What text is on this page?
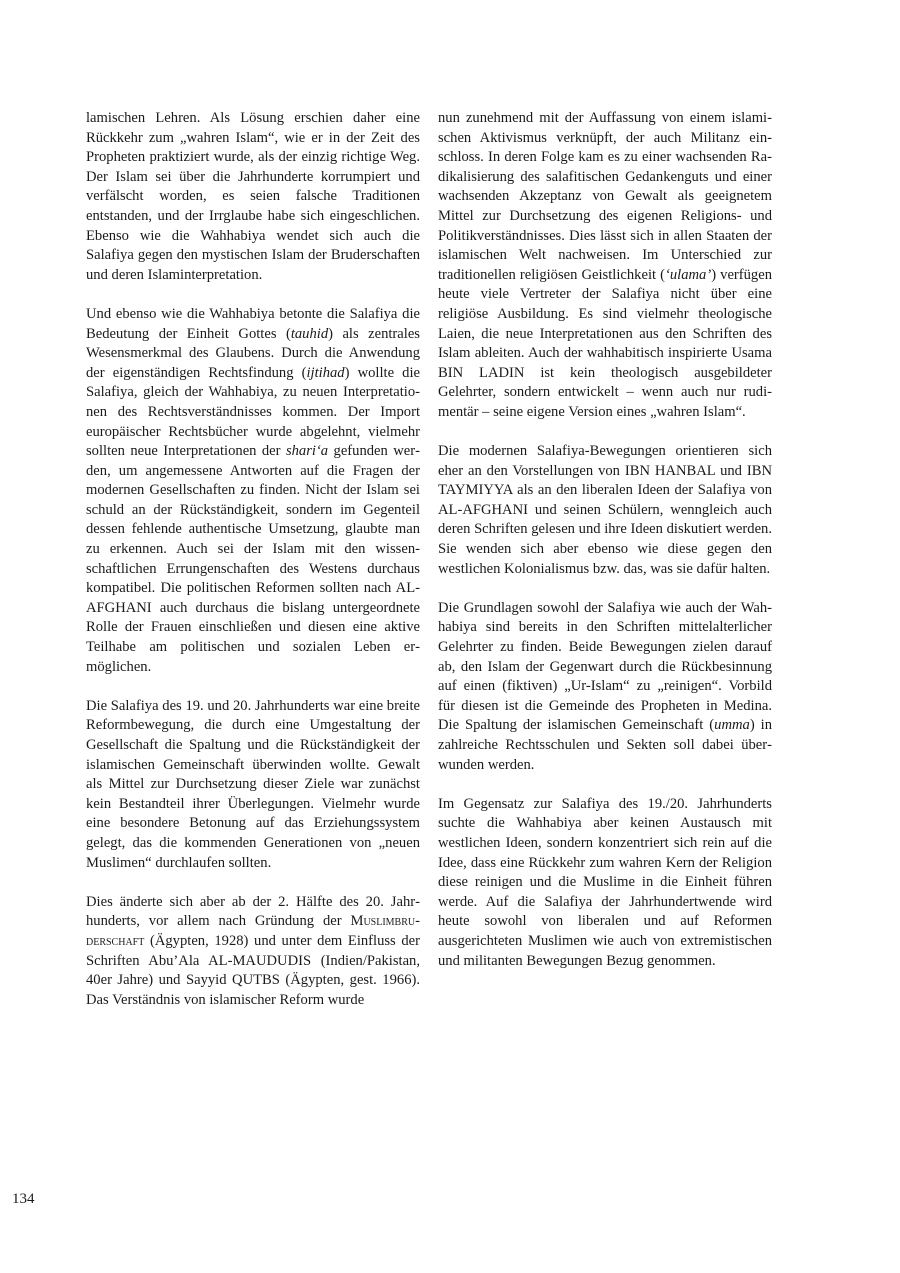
lamischen Lehren. Als Lösung erschien daher eine Rückkehr zum „wahren Islam“, wie er in der Zeit des Propheten praktiziert wurde, als der einzig richtige Weg. Der Islam sei über die Jahrhunderte korrumpiert und verfälscht worden, es seien falsche Traditionen entstanden, und der Irrglaube habe sich eingeschlichen. Ebenso wie die Wahhabiya wendet sich auch die Salafiya gegen den mystischen Islam der Bruderschaften und deren Islaminterpretation.

Und ebenso wie die Wahhabiya betonte die Salafiya die Bedeutung der Einheit Gottes (tauhid) als zentrales Wesensmerkmal des Glaubens. Durch die Anwendung der eigenständigen Rechtsfindung (ijtihad) wollte die Salafiya, gleich der Wahhabiya, zu neuen Interpretationen des Rechtsverständnisses kommen. Der Import europäischer Rechtsbücher wurde abgelehnt, vielmehr sollten neue Interpretationen der shari‘a gefunden werden, um angemessene Antworten auf die Fragen der modernen Gesellschaften zu finden. Nicht der Islam sei schuld an der Rückständigkeit, sondern im Gegenteil dessen fehlende authentische Umsetzung, glaubte man zu erkennen. Auch sei der Islam mit den wissenschaftlichen Errungenschaften des Westens durchaus kompatibel. Die politischen Reformen sollten nach AL-AFGHANI auch durchaus die bislang untergeordnete Rolle der Frauen einschließen und diesen eine aktive Teilhabe am politischen und sozialen Leben ermöglichen.

Die Salafiya des 19. und 20. Jahrhunderts war eine breite Reformbewegung, die durch eine Umgestaltung der Gesellschaft die Spaltung und die Rückständigkeit der islamischen Gemeinschaft überwinden wollte. Gewalt als Mittel zur Durchsetzung dieser Ziele war zunächst kein Bestandteil ihrer Überlegungen. Vielmehr wurde eine besondere Betonung auf das Erziehungssystem gelegt, das die kommenden Generationen von „neuen Muslimen“ durchlaufen sollten.

Dies änderte sich aber ab der 2. Hälfte des 20. Jahrhunderts, vor allem nach Gründung der Muslimbruderschaft (Ägypten, 1928) und unter dem Einfluss der Schriften Abu’Ala AL-MAUDUDIS (Indien/Pakistan, 40er Jahre) und Sayyid QUTBS (Ägypten, gest. 1966). Das Verständnis von islamischer Reform wurde

nun zunehmend mit der Auffassung von einem islamischen Aktivismus verknüpft, der auch Militanz einschloss. In deren Folge kam es zu einer wachsenden Radikalisierung des salafitischen Gedankenguts und einer wachsenden Akzeptanz von Gewalt als geeignetem Mittel zur Durchsetzung des eigenen Religions- und Politikverständnisses. Dies lässt sich in allen Staaten der islamischen Welt nachweisen. Im Unterschied zur traditionellen religiösen Geistlichkeit (‘ulama’) verfügen heute viele Vertreter der Salafiya nicht über eine religiöse Ausbildung. Es sind vielmehr theologische Laien, die neue Interpretationen aus den Schriften des Islam ableiten. Auch der wahhabitisch inspirierte Usama BIN LADIN ist kein theologisch ausgebildeter Gelehrter, sondern entwickelt – wenn auch nur rudimentär – seine eigene Version eines „wahren Islam“.

Die modernen Salafiya-Bewegungen orientieren sich eher an den Vorstellungen von IBN HANBAL und IBN TAYMIYYA als an den liberalen Ideen der Salafiya von AL-AFGHANI und seinen Schülern, wenngleich auch deren Schriften gelesen und ihre Ideen diskutiert werden. Sie wenden sich aber ebenso wie diese gegen den westlichen Kolonialismus bzw. das, was sie dafür halten.

Die Grundlagen sowohl der Salafiya wie auch der Wahhabiya sind bereits in den Schriften mittelalterlicher Gelehrter zu finden. Beide Bewegungen zielen darauf ab, den Islam der Gegenwart durch die Rückbesinnung auf einen (fiktiven) „Ur-Islam“ zu „reinigen“. Vorbild für diesen ist die Gemeinde des Propheten in Medina. Die Spaltung der islamischen Gemeinschaft (umma) in zahlreiche Rechtsschulen und Sekten soll dabei überwunden werden.

Im Gegensatz zur Salafiya des 19./20. Jahrhunderts suchte die Wahhabiya aber keinen Austausch mit westlichen Ideen, sondern konzentriert sich rein auf die Idee, dass eine Rückkehr zum wahren Kern der Religion diese reinigen und die Muslime in die Einheit führen werde. Auf die Salafiya der Jahrhundertwende wird heute sowohl von liberalen und auf Reformen ausgerichteten Muslimen wie auch von extremistischen und militanten Bewegungen Bezug genommen.

134
